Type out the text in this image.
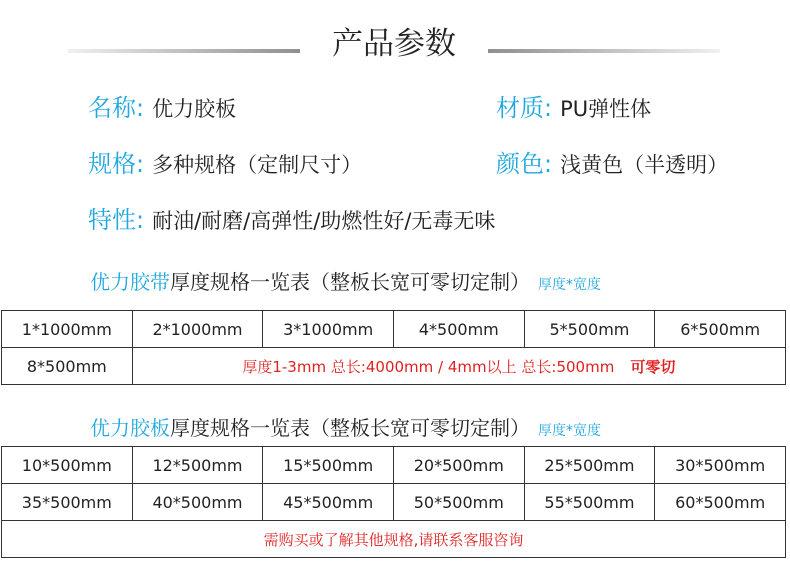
产品参数
名称: 优力胶板	材质: PU弹性体
规格: 多种规格（定制尺寸）	颜色: 浅黄色（半透明）
特性: 耐油/耐磨/高弹性/助燃性好/无毒无味
优力胶带厚度规格一览表（整板长宽可零切定制） 厚度*宽度
1*1000mm	2*1000mm	3*1000mm	4*500mm	5*500mm	6*500mm
8*500mm	厚度1-3mm 总长:4000mm / 4mm以上 总长:500mm 可零切				
优力胶板厚度规格一览表（整板长宽可零切定制） 厚度*宽度
10*500mm	12*500mm	15*500mm	20*500mm	25*500mm	30*500mm
35*500mm	40*500mm	45*500mm	50*500mm	55*500mm	60*500mm
需购买或了解其他规格,请联系客服咨询					
